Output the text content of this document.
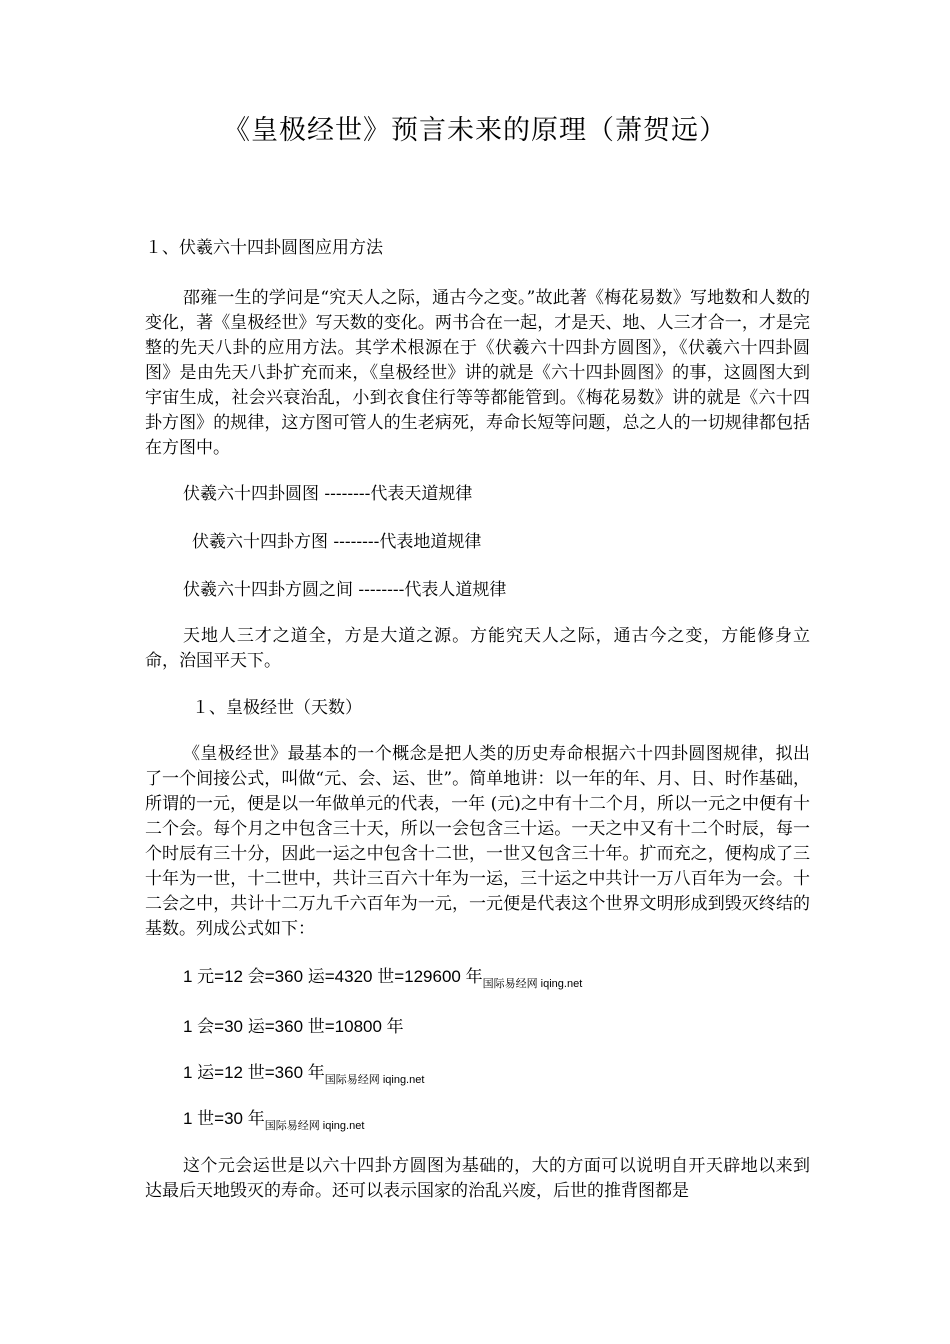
《皇极经世》预言未来的原理（萧贺远）
１、伏羲六十四卦圆图应用方法
邵雍一生的学问是“究天人之际，通古今之变。”故此著《梅花易数》写地数和人数的变化，著《皇极经世》写天数的变化。两书合在一起，才是天、地、人三才合一，才是完整的先天八卦的应用方法。其学术根源在于《伏羲六十四卦方圆图》，《伏羲六十四卦圆图》是由先天八卦扩充而来，《皇极经世》讲的就是《六十四卦圆图》的事，这圆图大到宇宙生成，社会兴衰治乱，小到衣食住行等等都能管到。《梅花易数》讲的就是《六十四卦方图》的规律，这方图可管人的生老病死，寿命长短等问题，总之人的一切规律都包括在方图中。
伏羲六十四卦圆图 --------代表天道规律
伏羲六十四卦方图 --------代表地道规律
伏羲六十四卦方圆之间 --------代表人道规律
天地人三才之道全，方是大道之源。方能究天人之际，通古今之变，方能修身立命，治国平天下。
１、皇极经世（天数）
《皇极经世》最基本的一个概念是把人类的历史寿命根据六十四卦圆图规律，拟出了一个间接公式，叫做“元、会、运、世”。简单地讲：以一年的年、月、日、时作基础，所谓的一元，便是以一年做单元的代表，一年 (元)之中有十二个月，所以一元之中便有十二个会。每个月之中包含三十天，所以一会包含三十运。一天之中又有十二个时辰，每一个时辰有三十分，因此一运之中包含十二世，一世又包含三十年。扩而充之，便构成了三十年为一世，十二世中，共计三百六十年为一运，三十运之中共计一万八百年为一会。十二会之中，共计十二万九千六百年为一元，一元便是代表这个世界文明形成到毁灭终结的基数。列成公式如下：
1 元=12 会=360 运=4320 世=129600 年$_{国际易经网 iqing.net}$
1 会=30 运=360 世=10800 年
1 运=12 世=360 年$_{国际易经网 iqing.net}$
1 世=30 年$_{国际易经网 iqing.net}$
这个元会运世是以六十四卦方圆图为基础的，大的方面可以说明自开天辟地以来到达最后天地毁灭的寿命。还可以表示国家的治乱兴废，后世的推背图都是
